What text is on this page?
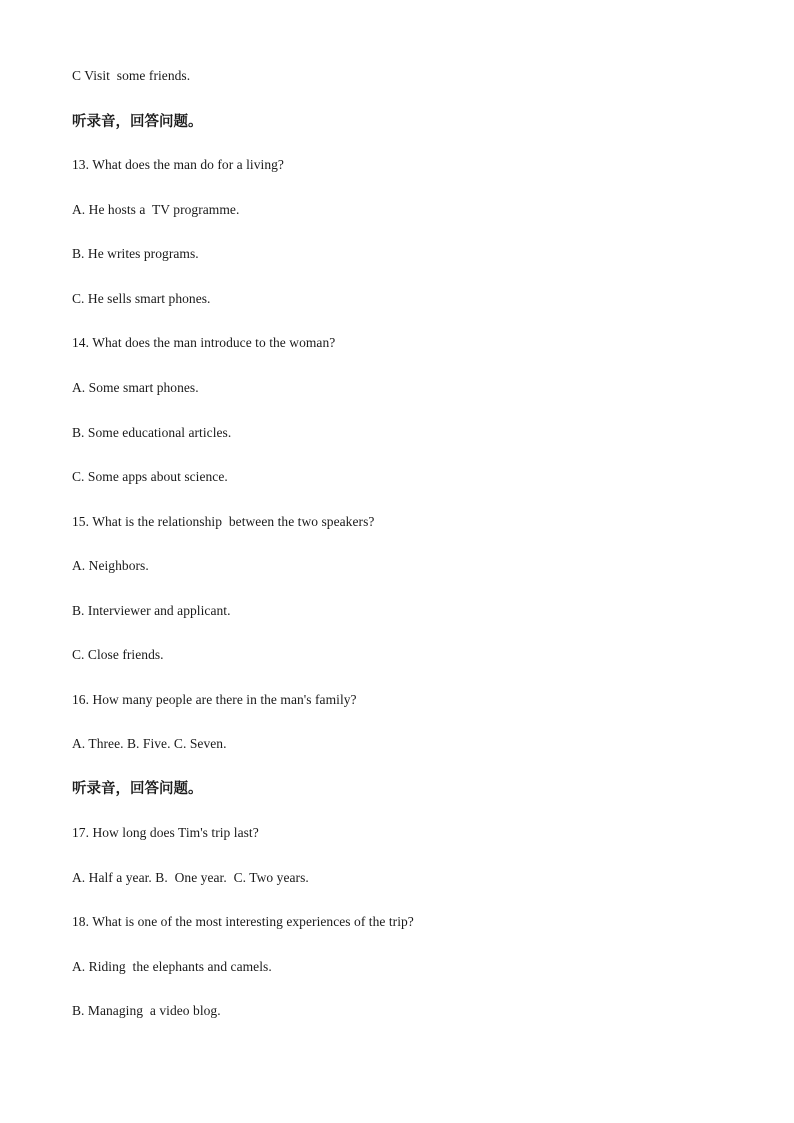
C Visit  some friends.
听录音，回答问题。
13. What does the man do for a living?
A. He hosts a  TV programme.
B. He writes programs.
C. He sells smart phones.
14. What does the man introduce to the woman?
A. Some smart phones.
B. Some educational articles.
C. Some apps about science.
15. What is the relationship  between the two speakers?
A. Neighbors.
B. Interviewer and applicant.
C. Close friends.
16. How many people are there in the man's family?
A. Three. B. Five. C. Seven.
听录音，回答问题。
17. How long does Tim's trip last?
A. Half a year. B.  One year.  C. Two years.
18. What is one of the most interesting experiences of the trip?
A. Riding  the elephants and camels.
B. Managing  a video blog.
